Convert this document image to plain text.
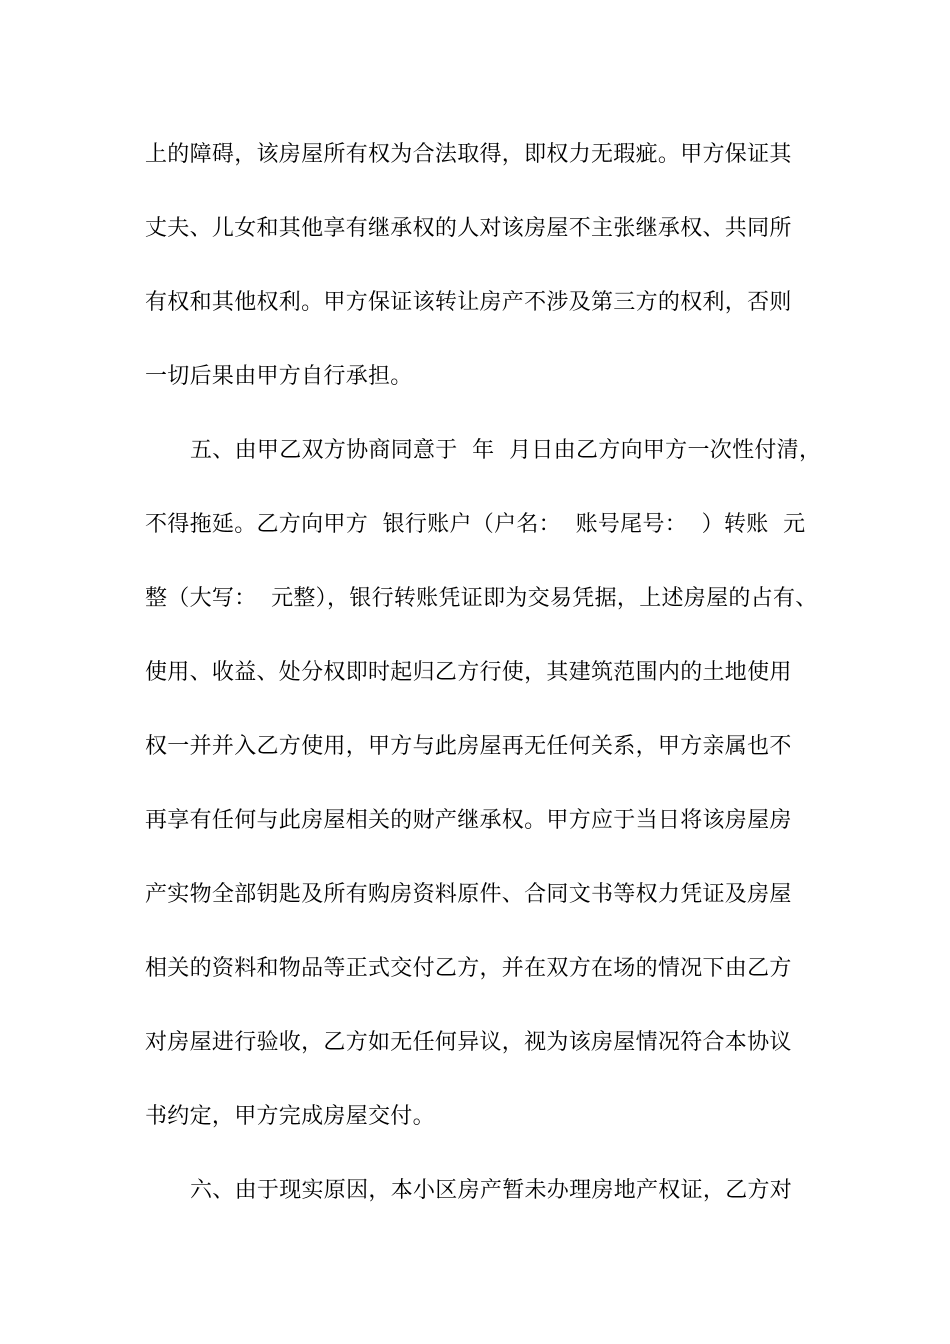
上的障碍，该房屋所有权为合法取得，即权力无瑕疵。甲方保证其
丈夫、儿女和其他享有继承权的人对该房屋不主张继承权、共同所
有权和其他权利。甲方保证该转让房产不涉及第三方的权利，否则
一切后果由甲方自行承担。
五、由甲乙双方协商同意于  年  月日由乙方向甲方一次性付清，
不得拖延。乙方向甲方  银行账户（户名：  账号尾号：  ）转账  元
整（大写：  元整），银行转账凭证即为交易凭据，上述房屋的占有、
使用、收益、处分权即时起归乙方行使，其建筑范围内的土地使用
权一并并入乙方使用，甲方与此房屋再无任何关系，甲方亲属也不
再享有任何与此房屋相关的财产继承权。甲方应于当日将该房屋房
产实物全部钥匙及所有购房资料原件、合同文书等权力凭证及房屋
相关的资料和物品等正式交付乙方，并在双方在场的情况下由乙方
对房屋进行验收，乙方如无任何异议，视为该房屋情况符合本协议
书约定，甲方完成房屋交付。
六、由于现实原因，本小区房产暂未办理房地产权证，乙方对
